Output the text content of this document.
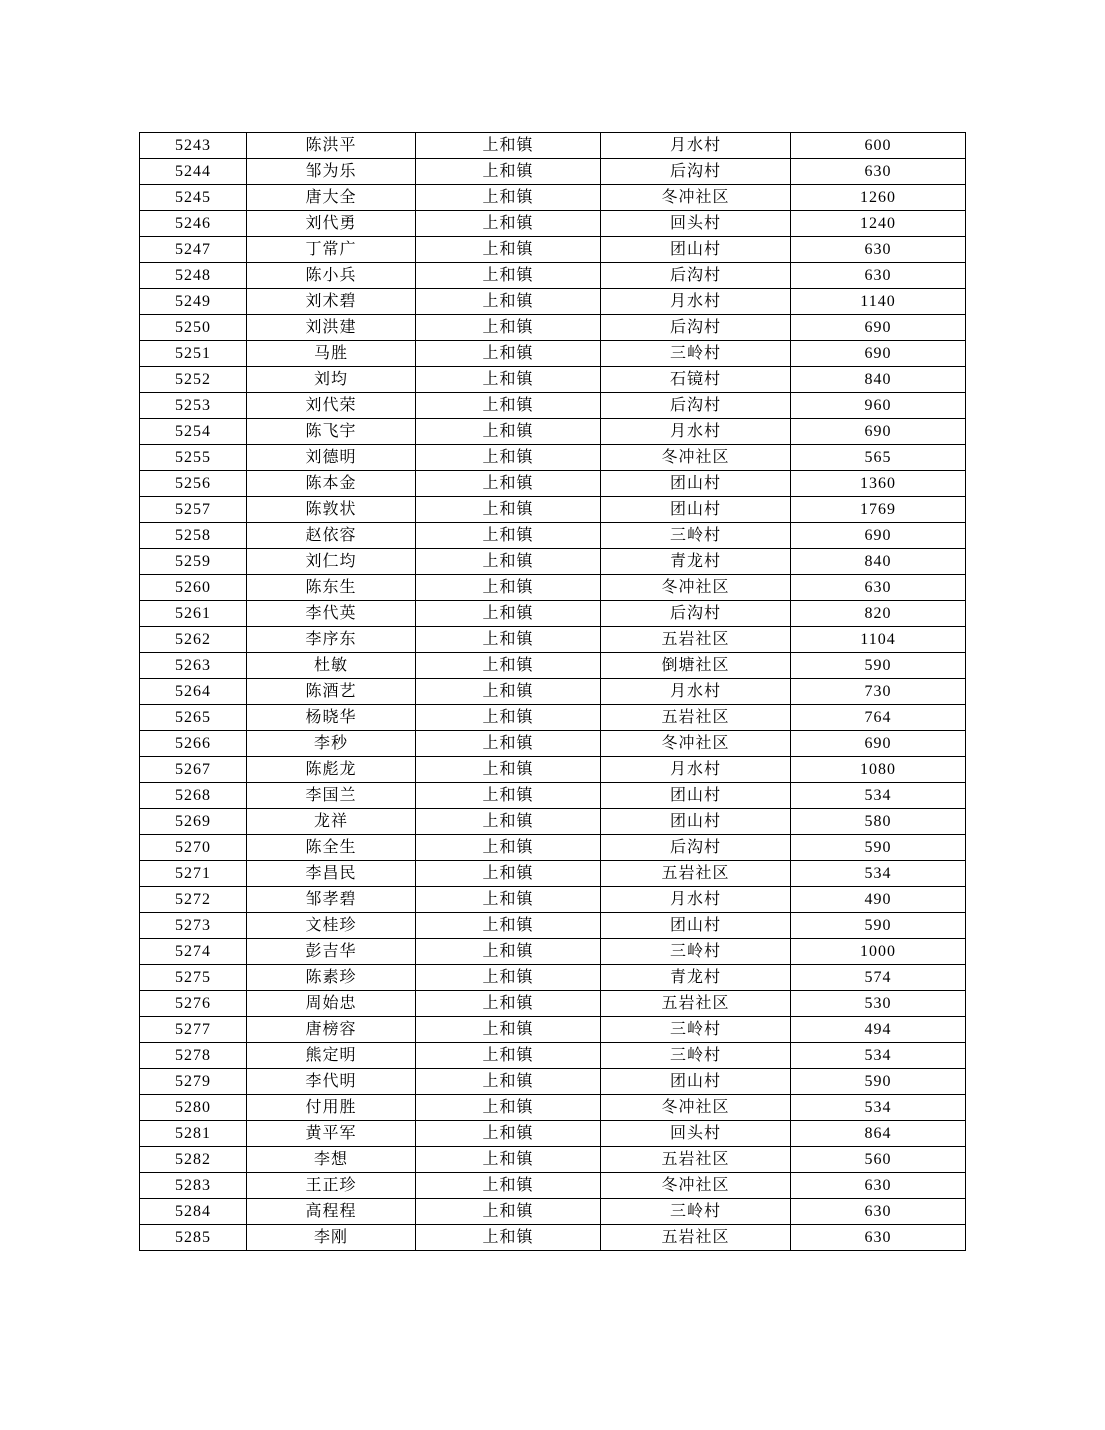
5243	陈洪平	上和镇	月水村	600
5244	邹为乐	上和镇	后沟村	630
5245	唐大全	上和镇	冬冲社区	1260
5246	刘代勇	上和镇	回头村	1240
5247	丁常广	上和镇	团山村	630
5248	陈小兵	上和镇	后沟村	630
5249	刘术碧	上和镇	月水村	1140
5250	刘洪建	上和镇	后沟村	690
5251	马胜	上和镇	三岭村	690
5252	刘均	上和镇	石镜村	840
5253	刘代荣	上和镇	后沟村	960
5254	陈飞宇	上和镇	月水村	690
5255	刘德明	上和镇	冬冲社区	565
5256	陈本金	上和镇	团山村	1360
5257	陈敦状	上和镇	团山村	1769
5258	赵依容	上和镇	三岭村	690
5259	刘仁均	上和镇	青龙村	840
5260	陈东生	上和镇	冬冲社区	630
5261	李代英	上和镇	后沟村	820
5262	李序东	上和镇	五岩社区	1104
5263	杜敏	上和镇	倒塘社区	590
5264	陈酒艺	上和镇	月水村	730
5265	杨晓华	上和镇	五岩社区	764
5266	李秒	上和镇	冬冲社区	690
5267	陈彪龙	上和镇	月水村	1080
5268	李国兰	上和镇	团山村	534
5269	龙祥	上和镇	团山村	580
5270	陈全生	上和镇	后沟村	590
5271	李昌民	上和镇	五岩社区	534
5272	邹孝碧	上和镇	月水村	490
5273	文桂珍	上和镇	团山村	590
5274	彭吉华	上和镇	三岭村	1000
5275	陈素珍	上和镇	青龙村	574
5276	周始忠	上和镇	五岩社区	530
5277	唐榜容	上和镇	三岭村	494
5278	熊定明	上和镇	三岭村	534
5279	李代明	上和镇	团山村	590
5280	付用胜	上和镇	冬冲社区	534
5281	黄平军	上和镇	回头村	864
5282	李想	上和镇	五岩社区	560
5283	王正珍	上和镇	冬冲社区	630
5284	高程程	上和镇	三岭村	630
5285	李刚	上和镇	五岩社区	630
